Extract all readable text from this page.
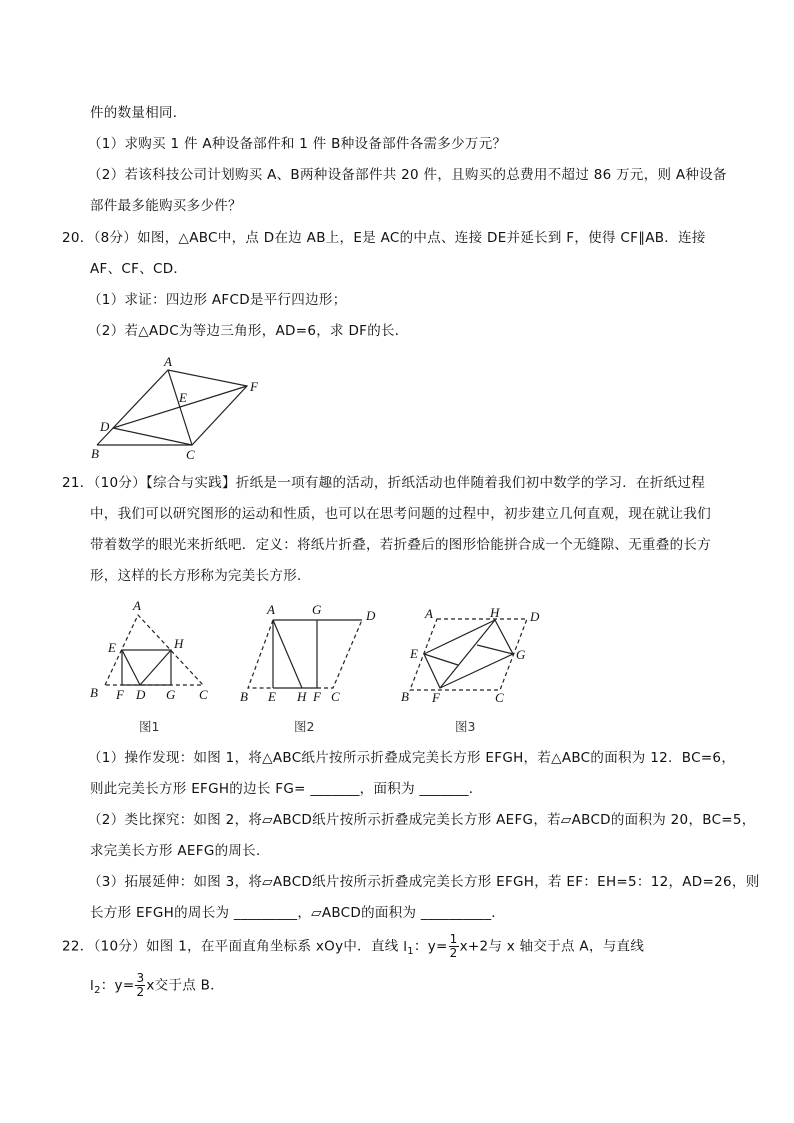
件的数量相同．
（1）求购买 1 件 A种设备部件和 1 件 B种设备部件各需多少万元？
（2）若该科技公司计划购买 A、B两种设备部件共 20 件，且购买的总费用不超过 86 万元，则 A种设备
部件最多能购买多少件？
20．（8分）如图，△ABC中，点 D在边 AB上，E是 AC的中点、连接 DE并延长到 F，使得 CF∥AB．连接
AF、CF、CD．
（1）求证：四边形 AFCD是平行四边形；
（2）若△ADC为等边三角形，AD=6，求 DF的长．
A
F
E
D
B	C
A
E	H
B F D G C
图1
A	G	D
B E H F C
图2
A	H D
E	G
B F	C
图3
21．（10分）【综合与实践】折纸是一项有趣的活动，折纸活动也伴随着我们初中数学的学习．在折纸过程
中，我们可以研究图形的运动和性质，也可以在思考问题的过程中，初步建立几何直观，现在就让我们
带着数学的眼光来折纸吧．定义：将纸片折叠，若折叠后的图形恰能拼合成一个无缝隙、无重叠的长方
形，这样的长方形称为完美长方形．
（1）操作发现：如图 1，将△ABC纸片按所示折叠成完美长方形 EFGH，若△ABC的面积为 12．BC=6，
则此完美长方形 EFGH的边长 FG= _______，面积为 _______．
（2）类比探究：如图 2，将▱ABCD纸片按所示折叠成完美长方形 AEFG，若▱ABCD的面积为 20，BC=5，
求完美长方形 AEFG的周长．
（3）拓展延伸：如图 3，将▱ABCD纸片按所示折叠成完美长方形 EFGH，若 EF：EH=5：12，AD=26，则
长方形 EFGH的周长为 _________，▱ABCD的面积为 __________．
22．（10分）如图 1，在平面直角坐标系 xOy中．直线 $l_1$：$y= \frac{1}{2} x+2$与 x 轴交于点 A，与直线
$l_2$：$y= \frac{3}{2}$ x交于点 B．
